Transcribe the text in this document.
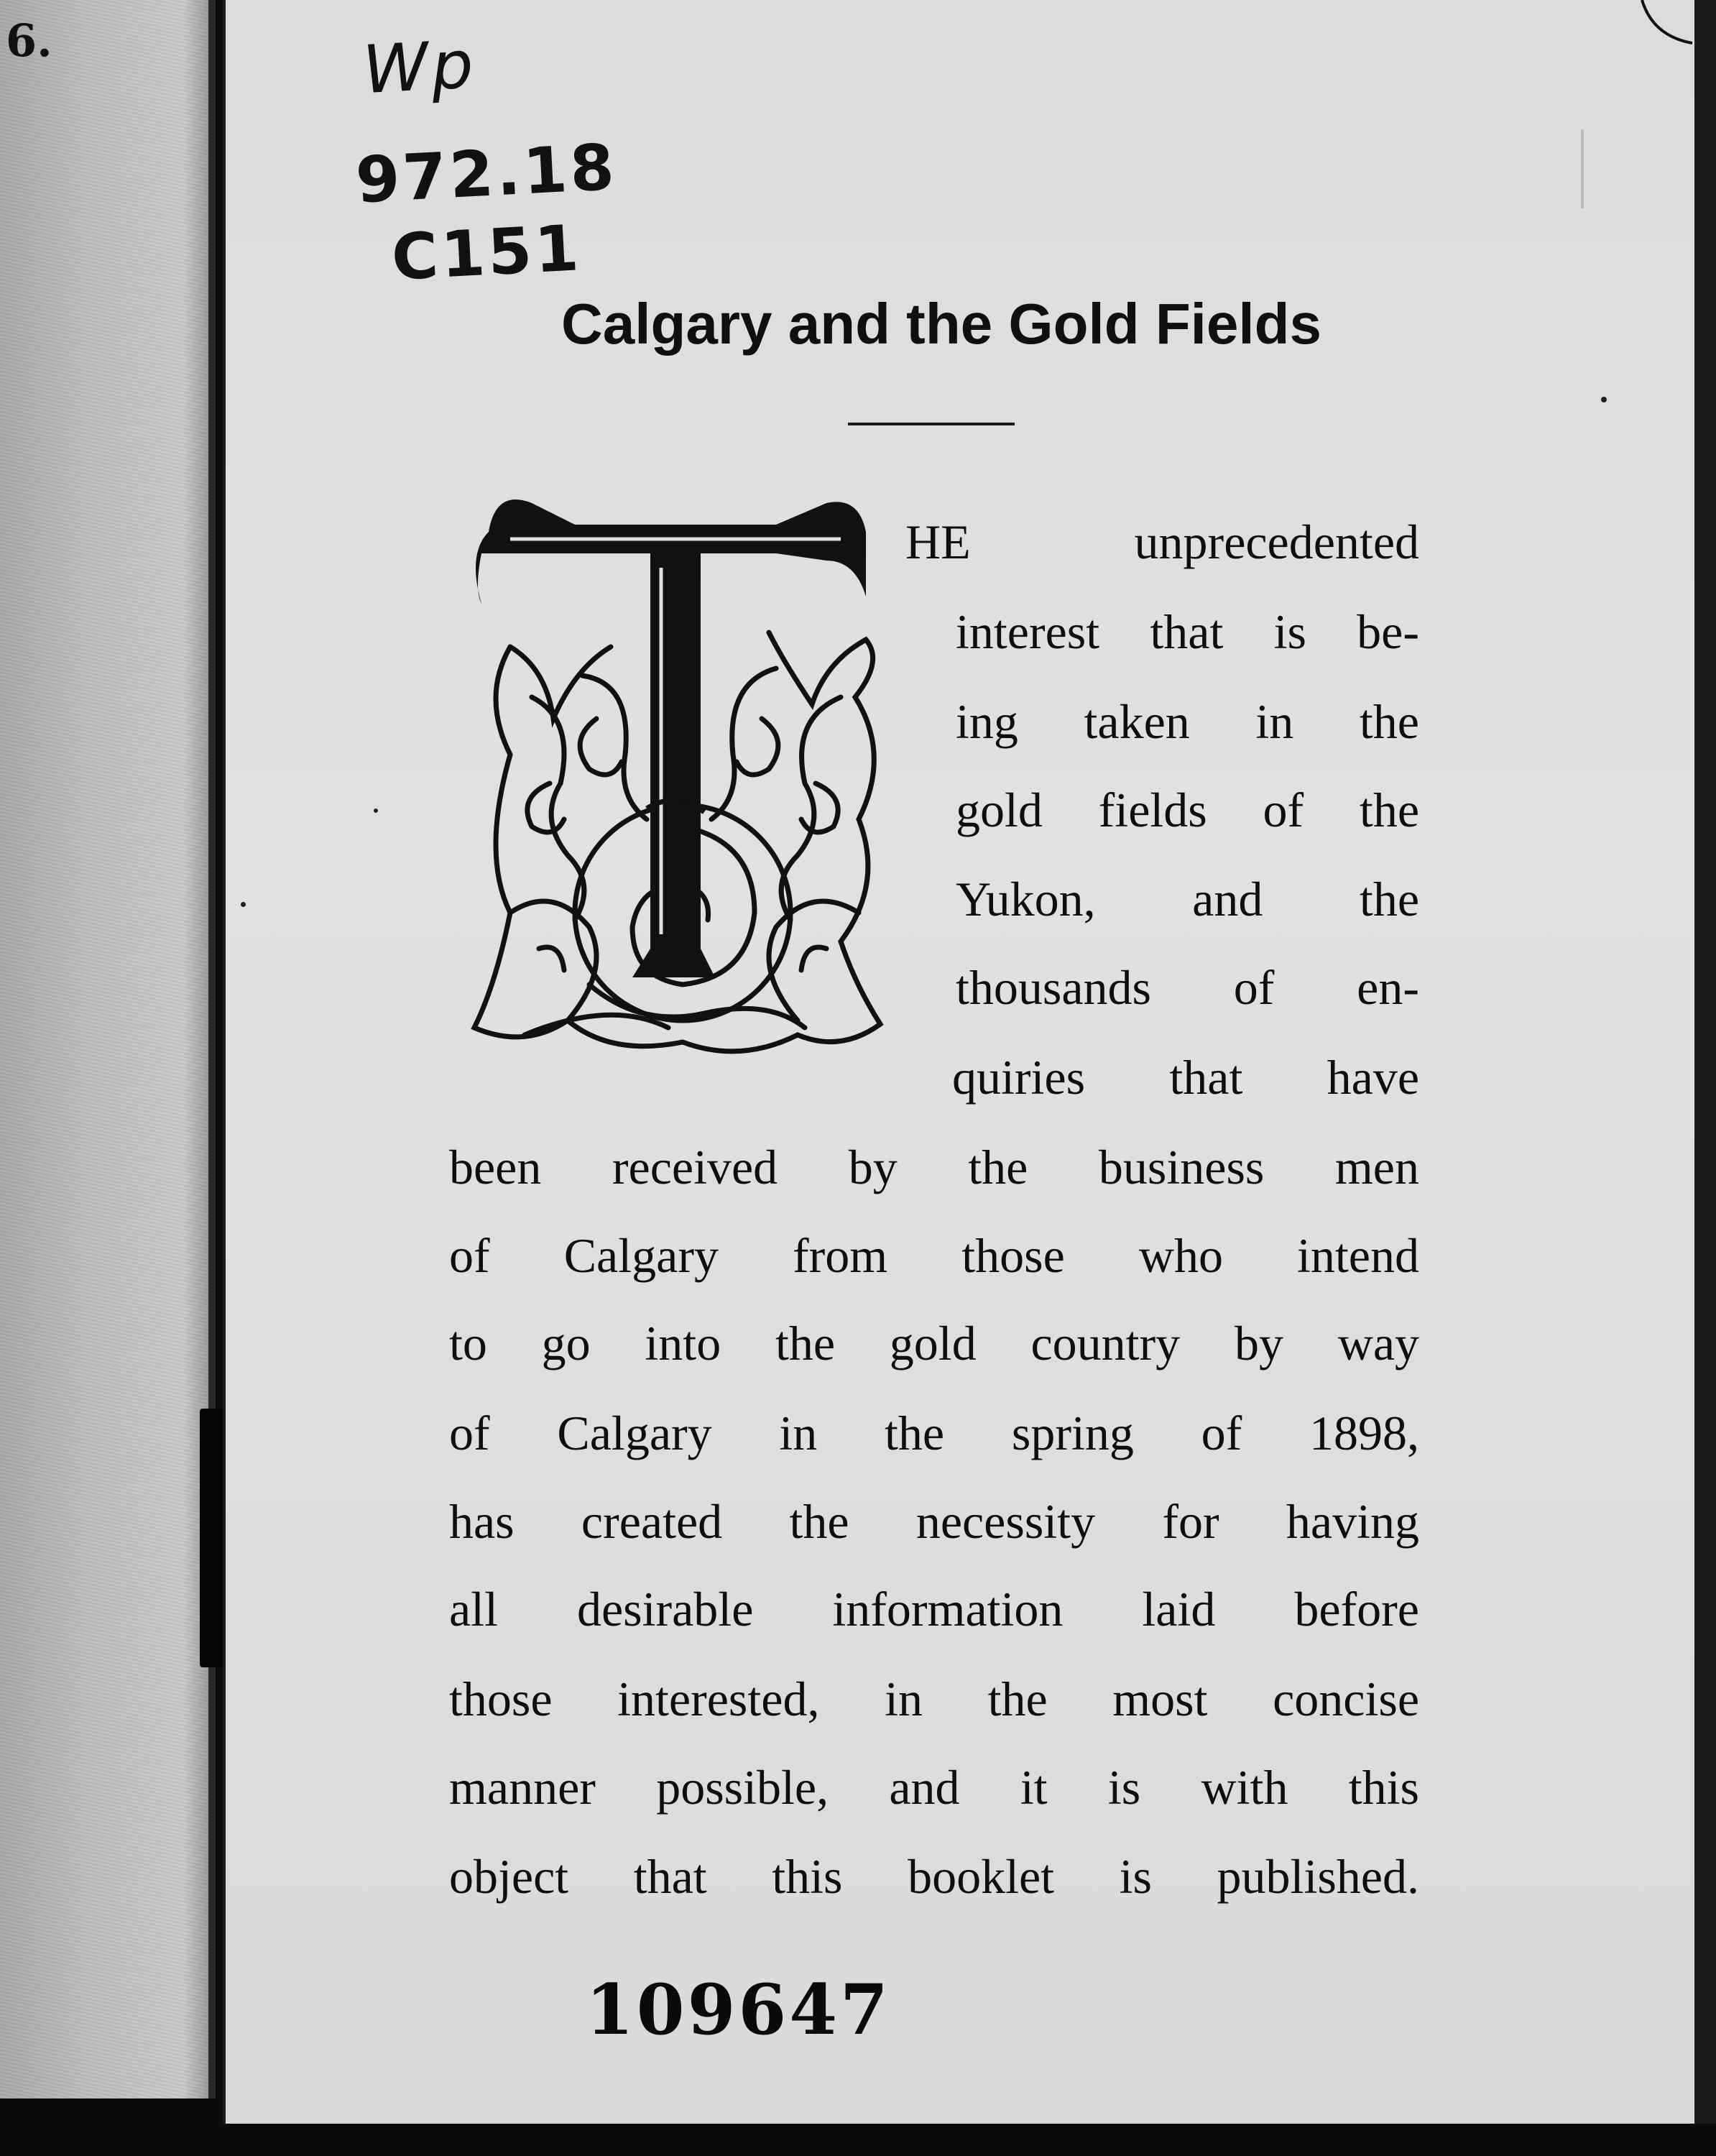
6.	Wp

972.18

C151

Calgary and the Gold Fields

HE unprecedented

interest that is be-

ing taken in the

gold fields of the

Yukon, and the

thousands of en-

quiries that have

been received by the business men

of Calgary from those who intend

to go into the gold country by way

of Calgary in the spring of 1898,

has created the necessity for having

all desirable information laid before

those interested, in the most concise

manner possible, and it is with this

object that this booklet is published.

109647
